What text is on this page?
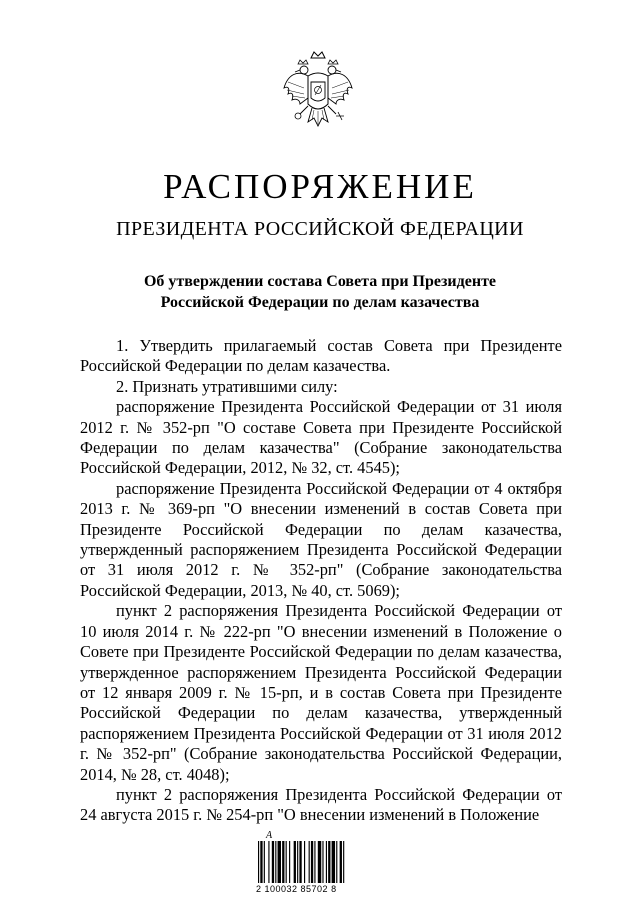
РАСПОРЯЖЕНИЕ
ПРЕЗИДЕНТА РОССИЙСКОЙ ФЕДЕРАЦИИ
Об утверждении состава Совета при Президенте
Российской Федерации по делам казачества

1. Утвердить прилагаемый состав Совета при Президенте Российской Федерации по делам казачества.

2. Признать утратившими силу:

распоряжение Президента Российской Федерации от 31 июля 2012 г. № 352-рп "О составе Совета при Президенте Российской Федерации по делам казачества" (Собрание законодательства Российской Федерации, 2012, № 32, ст. 4545);

распоряжение Президента Российской Федерации от 4 октября 2013 г. № 369-рп "О внесении изменений в состав Совета при Президенте Российской Федерации по делам казачества, утвержденный распоряжением Президента Российской Федерации от 31 июля 2012 г. № 352-рп" (Собрание законодательства Российской Федерации, 2013, № 40, ст. 5069);

пункт 2 распоряжения Президента Российской Федерации от 10 июля 2014 г. № 222-рп "О внесении изменений в Положение о Совете при Президенте Российской Федерации по делам казачества, утвержденное распоряжением Президента Российской Федерации от 12 января 2009 г. № 15-рп, и в состав Совета при Президенте Российской Федерации по делам казачества, утвержденный распоряжением Президента Российской Федерации от 31 июля 2012 г. № 352-рп" (Собрание законодательства Российской Федерации, 2014, № 28, ст. 4048);

пункт 2 распоряжения Президента Российской Федерации от 24 августа 2015 г. № 254-рп "О внесении изменений в Положение

A
2 100032 85702 8
